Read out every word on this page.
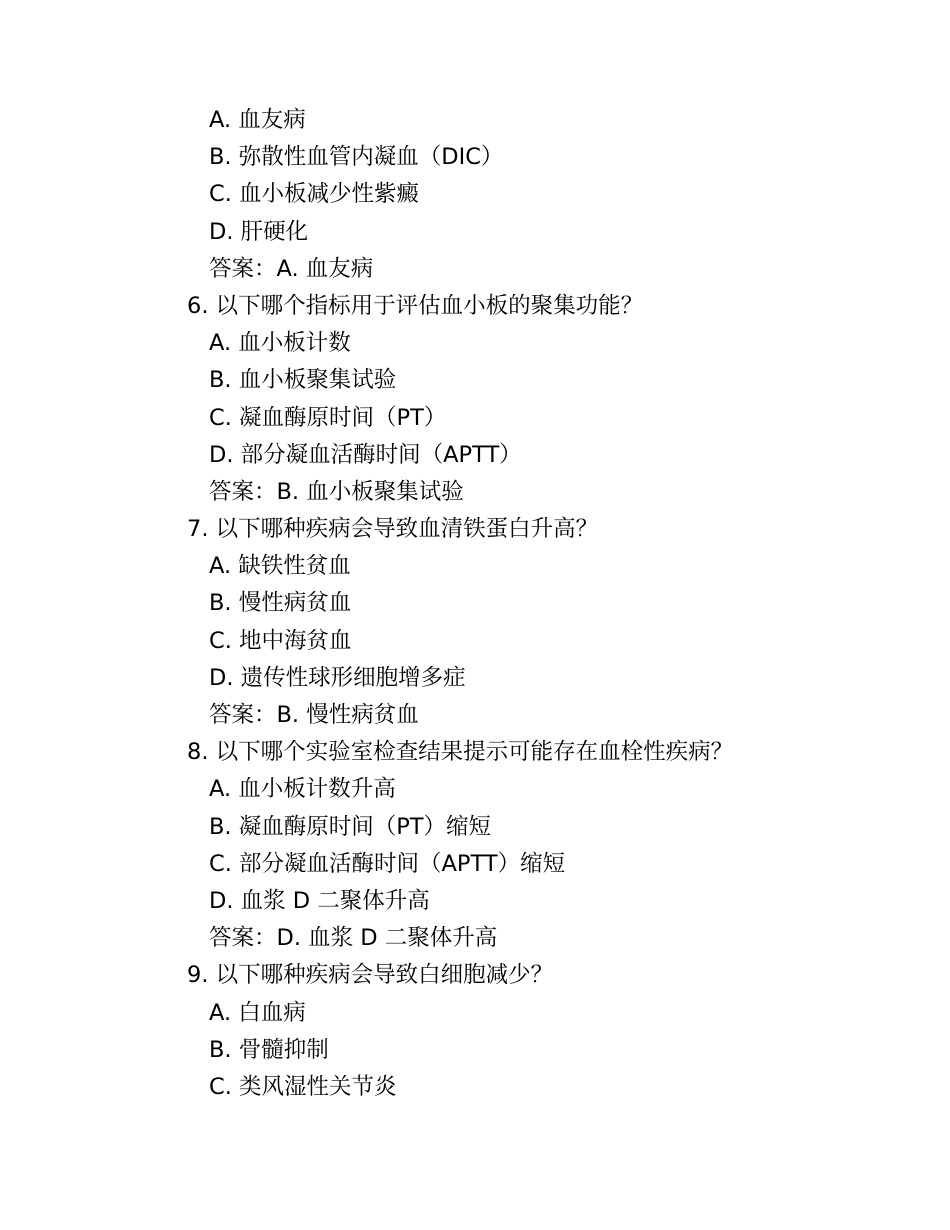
A. 血友病
B. 弥散性血管内凝血（DIC）
C. 血小板减少性紫癜
D. 肝硬化
答案：A. 血友病
6. 以下哪个指标用于评估血小板的聚集功能？
A. 血小板计数
B. 血小板聚集试验
C. 凝血酶原时间（PT）
D. 部分凝血活酶时间（APTT）
答案：B. 血小板聚集试验
7. 以下哪种疾病会导致血清铁蛋白升高？
A. 缺铁性贫血
B. 慢性病贫血
C. 地中海贫血
D. 遗传性球形细胞增多症
答案：B. 慢性病贫血
8. 以下哪个实验室检查结果提示可能存在血栓性疾病？
A. 血小板计数升高
B. 凝血酶原时间（PT）缩短
C. 部分凝血活酶时间（APTT）缩短
D. 血浆 D 二聚体升高
答案：D. 血浆 D 二聚体升高
9. 以下哪种疾病会导致白细胞减少？
A. 白血病
B. 骨髓抑制
C. 类风湿性关节炎
